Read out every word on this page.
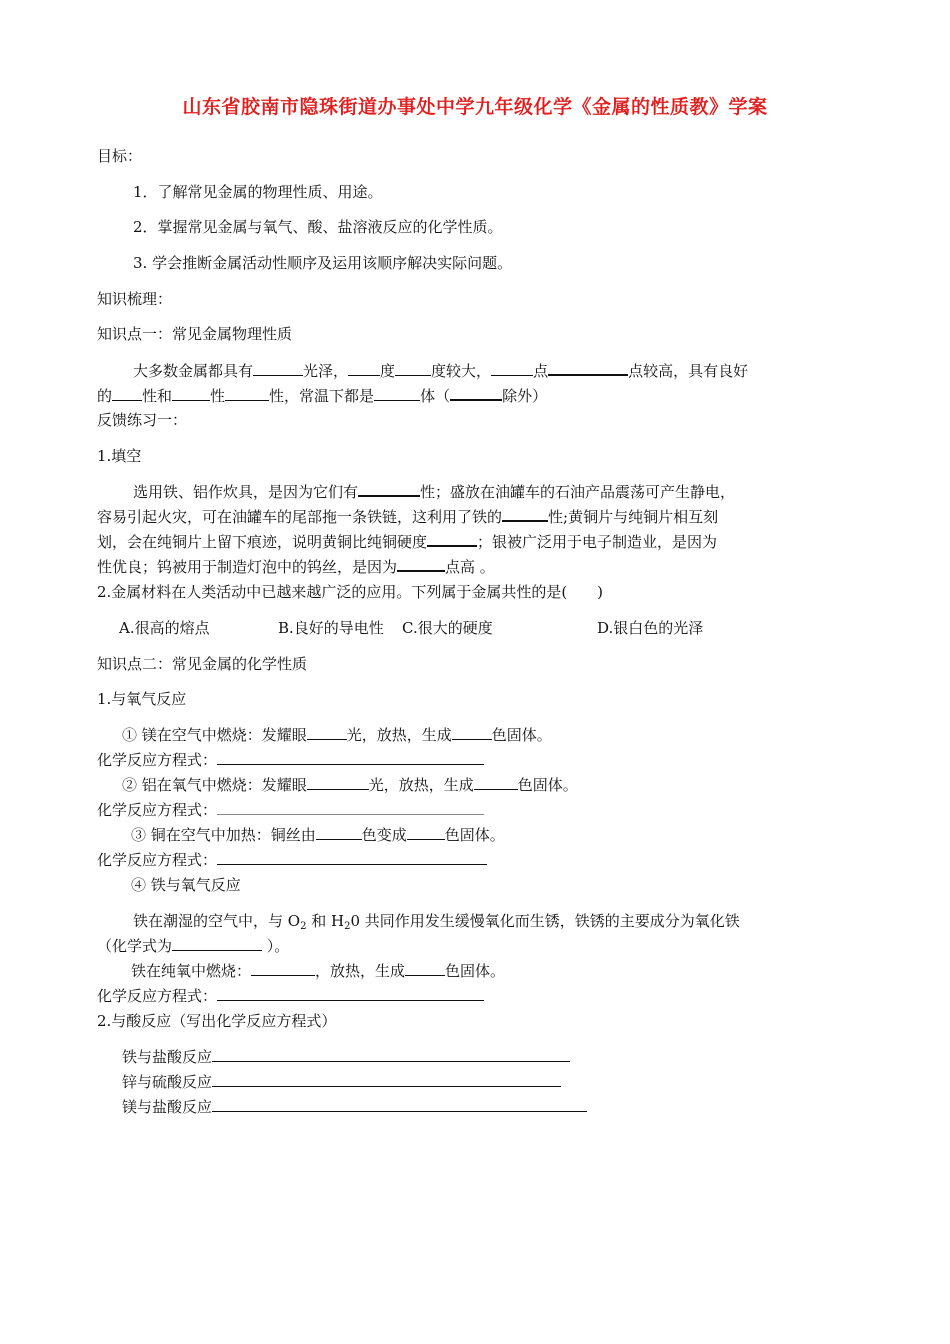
山东省胶南市隐珠街道办事处中学九年级化学《金属的性质教》学案
目标：
1．了解常见金属的物理性质、用途。
2．掌握常见金属与氧气、酸、盐溶液反应的化学性质。
3. 学会推断金属活动性顺序及运用该顺序解决实际问题。
知识梳理：
知识点一：常见金属物理性质
大多数金属都具有	光泽， 度 度较大，	点	点较高，具有良好
的 性和	性	性，常温下都是	体（	除外）
反馈练习一：
1.填空
选用铁、铝作炊具，是因为它们有	性；盛放在油罐车的石油产品震荡可产生静电，
容易引起火灾，可在油罐车的尾部拖一条铁链，这利用了铁的	性;黄铜片与纯铜片相互刻
划，会在纯铜片上留下痕迹，说明黄铜比纯铜硬度	；银被广泛用于电子制造业，是因为
性优良；钨被用于制造灯泡中的钨丝，是因为	点高 。
2.金属材料在人类活动中已越来越广泛的应用。下列属于金属共性的是(　　)
A.很高的熔点	B.良好的导电性 C.很大的硬度	D.银白色的光泽
知识点二：常见金属的化学性质
1.与氧气反应
① 镁在空气中燃烧：发耀眼	光，放热，生成	色固体。
化学反应方程式：
② 铝在氧气中燃烧：发耀眼	光，放热，生成	色固体。
化学反应方程式：
③ 铜在空气中加热：铜丝由	色变成	色固体。
化学反应方程式：
④ 铁与氧气反应
铁在潮湿的空气中，与 $O_2$ 和 $H_20$ 共同作用发生缓慢氧化而生锈，铁锈的主要成分为氧化铁
（化学式为	）。
铁在纯氧中燃烧：	，放热，生成	色固体。
化学反应方程式：
2.与酸反应（写出化学反应方程式）
铁与盐酸反应
锌与硫酸反应
镁与盐酸反应
